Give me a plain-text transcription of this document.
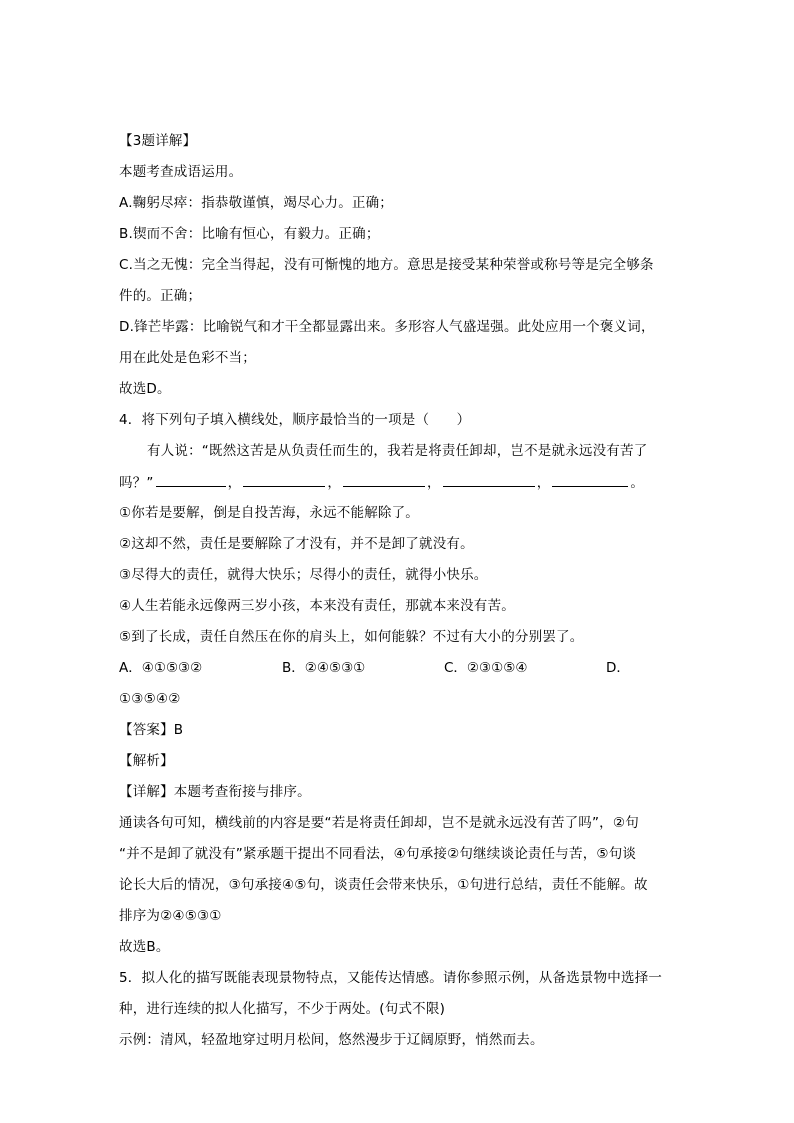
【3题详解】
本题考查成语运用。
A.鞠躬尽瘁：指恭敬谨慎，竭尽心力。正确；
B.锲而不舍：比喻有恒心，有毅力。正确；
C.当之无愧：完全当得起，没有可惭愧的地方。意思是接受某种荣誉或称号等是完全够条
件的。正确；
D.锋芒毕露：比喻锐气和才干全都显露出来。多形容人气盛逞强。此处应用一个褒义词，
用在此处是色彩不当；
故选D。
4．将下列句子填入横线处，顺序最恰当的一项是（　　）
有人说：“既然这苦是从负责任而生的，我若是将责任卸却，岂不是就永远没有苦了
吗？”	，	，	，	，	。
①你若是要解，倒是自投苦海，永远不能解除了。
②这却不然，责任是要解除了才没有，并不是卸了就没有。
③尽得大的责任，就得大快乐；尽得小的责任，就得小快乐。
④人生若能永远像两三岁小孩，本来没有责任，那就本来没有苦。
⑤到了长成，责任自然压在你的肩头上，如何能躲？不过有大小的分别罢了。
A．④①⑤③②	B．②④⑤③①	C．②③①⑤④	D．
①③⑤④②
【答案】B
【解析】
【详解】本题考查衔接与排序。
通读各句可知，横线前的内容是要“若是将责任卸却，岂不是就永远没有苦了吗”，②句
“并不是卸了就没有”紧承题干提出不同看法，④句承接②句继续谈论责任与苦，⑤句谈
论长大后的情况，③句承接④⑤句，谈责任会带来快乐，①句进行总结，责任不能解。故
排序为②④⑤③①
故选B。
5．拟人化的描写既能表现景物特点，又能传达情感。请你参照示例，从备选景物中选择一
种，进行连续的拟人化描写，不少于两处。(句式不限)
示例：清风，轻盈地穿过明月松间，悠然漫步于辽阔原野，悄然而去。
